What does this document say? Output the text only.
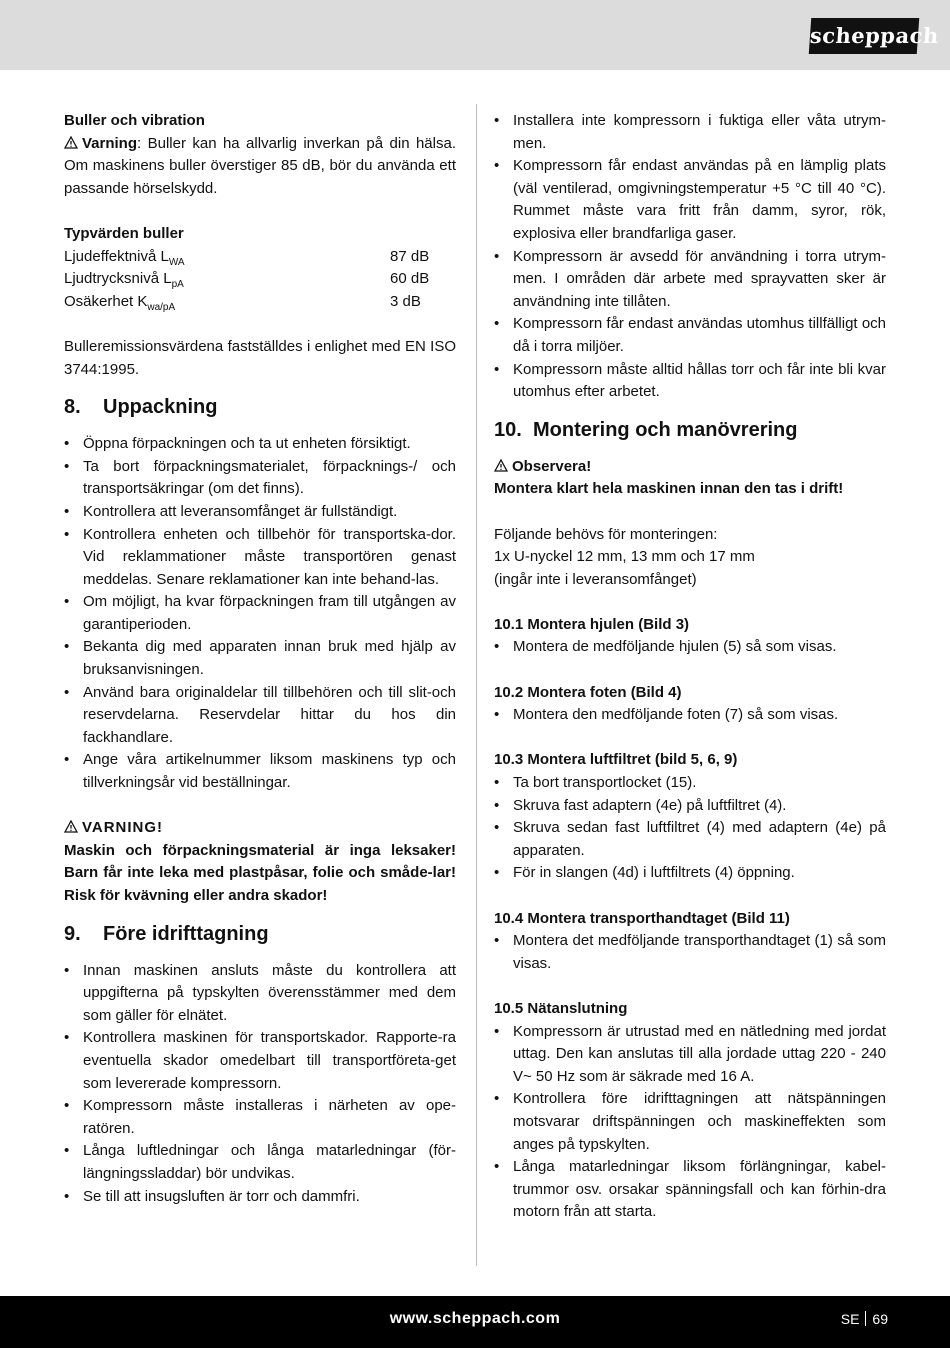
scheppach

Buller och vibration

Varning: Buller kan ha allvarlig inverkan på din hälsa. Om maskinens buller överstiger 85 dB, bör du använda ett passande hörselskydd.

Typvärden buller

Ljudeffektnivå $L_{WA}$	87 dB
Ljudtrycksnivå $L_{pA}$	60 dB
Osäkerhet $K_{wa/pA}$	3 dB

Bulleremissionsvärdena fastställdes i enlighet med EN ISO 3744:1995.

8. Uppackning
• Öppna förpackningen och ta ut enheten försiktigt.
• Ta bort förpackningsmaterialet, förpacknings-/ och transportsäkringar (om det finns).
• Kontrollera att leveransomfånget är fullständigt.
• Kontrollera enheten och tillbehör för transportska-dor. Vid reklammationer måste transportören genast meddelas. Senare reklamationer kan inte behand-las.
• Om möjligt, ha kvar förpackningen fram till utgången av garantiperioden.
• Bekanta dig med apparaten innan bruk med hjälp av bruksanvisningen.
• Använd bara originaldelar till tillbehören och till slit-och reservdelarna. Reservdelar hittar du hos din fackhandlare.
• Ange våra artikelnummer liksom maskinens typ och tillverkningsår vid beställningar.

VARNING!

Maskin och förpackningsmaterial är inga leksaker! Barn får inte leka med plastpåsar, folie och småde-lar! Risk för kvävning eller andra skador!

9. Före idrifttagning
• Innan maskinen ansluts måste du kontrollera att uppgifterna på typskylten överensstämmer med dem som gäller för elnätet.
• Kontrollera maskinen för transportskador. Rapporte-ra eventuella skador omedelbart till transportföreta-get som levererade kompressorn.
• Kompressorn måste installeras i närheten av ope-ratören.
• Långa luftledningar och långa matarledningar (för-längningssladdar) bör undvikas.
• Se till att insugsluften är torr och dammfri.
• Installera inte kompressorn i fuktiga eller våta utrym-men.
• Kompressorn får endast användas på en lämplig plats (väl ventilerad, omgivningstemperatur +5 °C till 40 °C). Rummet måste vara fritt från damm, syror, rök, explosiva eller brandfarliga gaser.
• Kompressorn är avsedd för användning i torra utrym-men. I områden där arbete med sprayvatten sker är användning inte tillåten.
• Kompressorn får endast användas utomhus tillfälligt och då i torra miljöer.
• Kompressorn måste alltid hållas torr och får inte bli kvar utomhus efter arbetet.
10. Montering och manövrering

Observera!

Montera klart hela maskinen innan den tas i drift!

Följande behövs för monteringen:

1x U-nyckel 12 mm, 13 mm och 17 mm

(ingår inte i leveransomfånget)

10.1 Montera hjulen (Bild 3)

• Montera de medföljande hjulen (5) så som visas.

10.2 Montera foten (Bild 4)

• Montera den medföljande foten (7) så som visas.

10.3 Montera luftfiltret (bild 5, 6, 9)

• Ta bort transportlocket (15).
• Skruva fast adaptern (4e) på luftfiltret (4).
• Skruva sedan fast luftfiltret (4) med adaptern (4e) på apparaten.
• För in slangen (4d) i luftfiltrets (4) öppning.

10.4 Montera transporthandtaget (Bild 11)

• Montera det medföljande transporthandtaget (1) så som visas.

10.5 Nätanslutning

• Kompressorn är utrustad med en nätledning med jordat uttag. Den kan anslutas till alla jordade uttag 220 - 240 V~ 50 Hz som är säkrade med 16 A.
• Kontrollera före idrifttagningen att nätspänningen motsvarar driftspänningen och maskineffekten som anges på typskylten.
• Långa matarledningar liksom förlängningar, kabel-trummor osv. orsakar spänningsfall och kan förhin-dra motorn från att starta.
www.scheppach.com	SE 69
